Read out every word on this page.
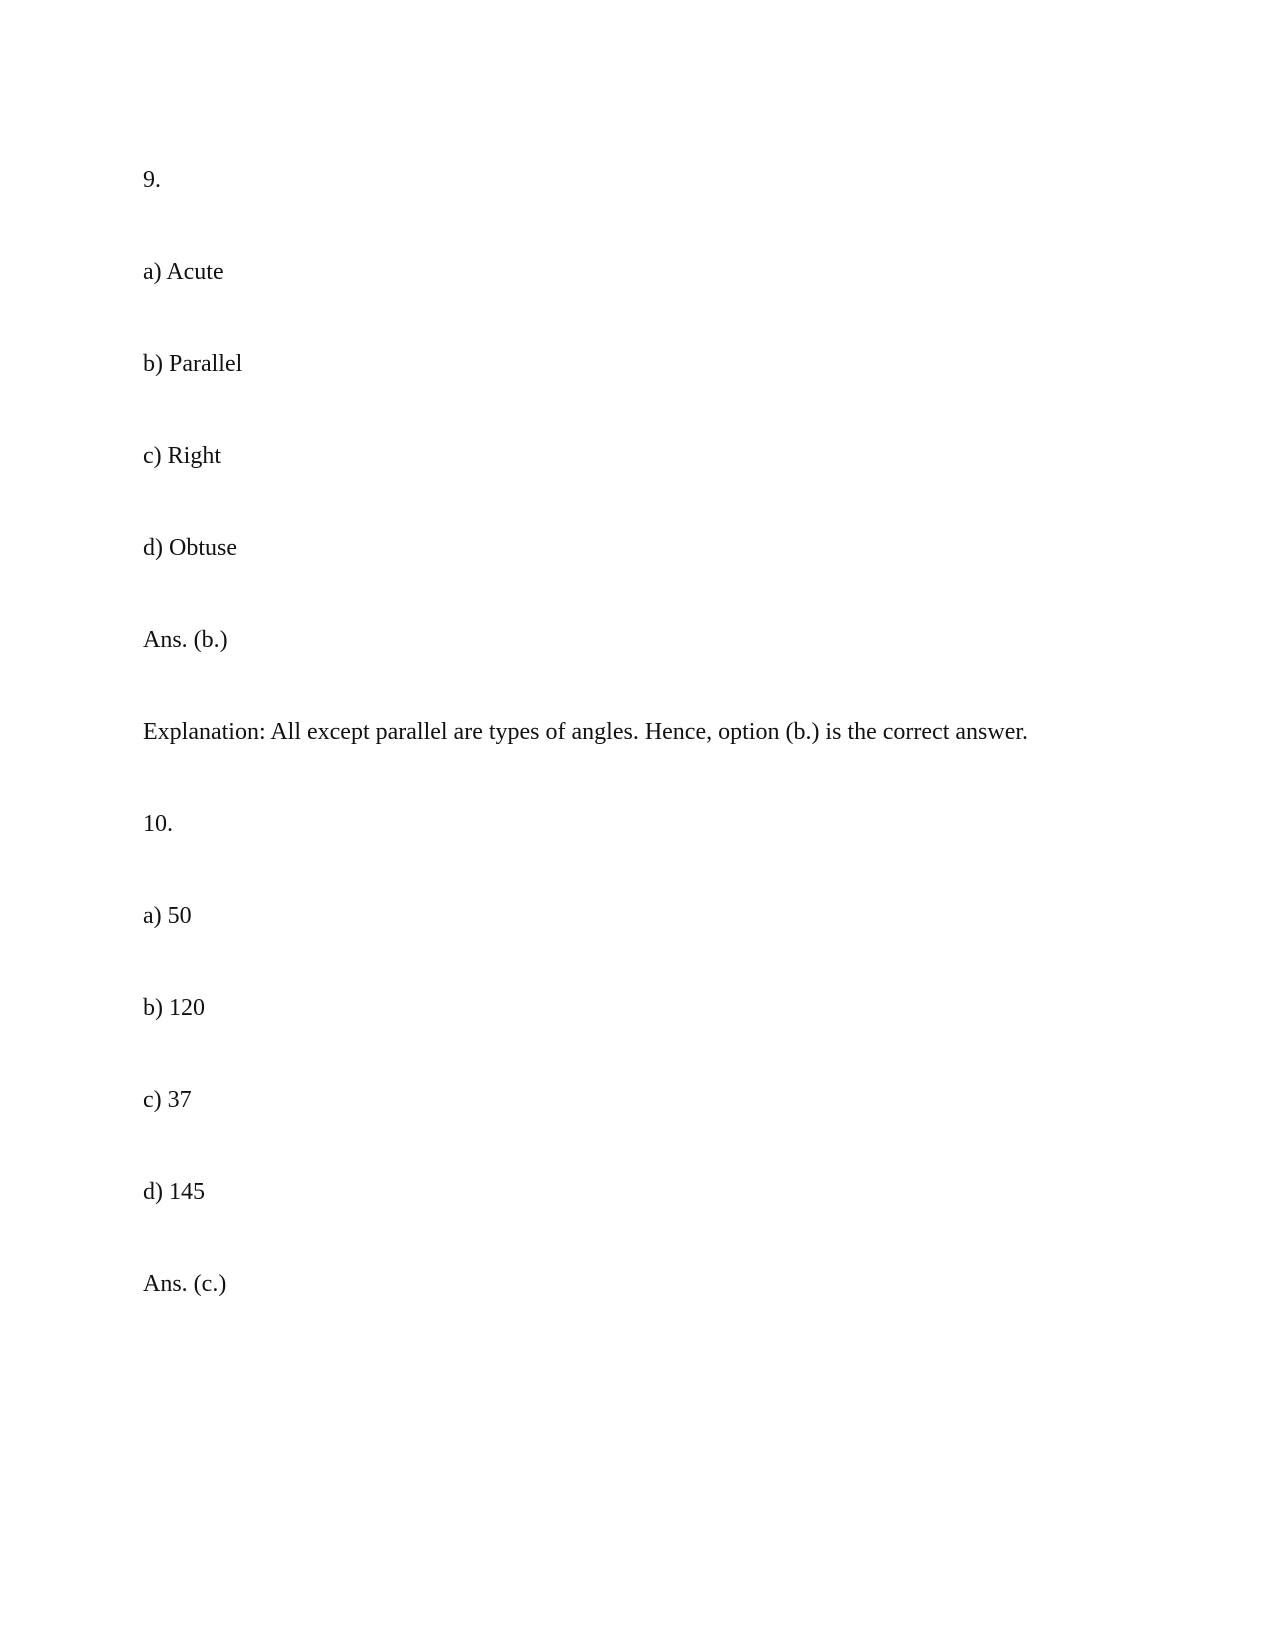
9.
a) Acute
b) Parallel
c) Right
d) Obtuse
Ans. (b.)
Explanation: All except parallel are types of angles. Hence, option (b.) is the correct answer.
10.
a) 50
b) 120
c) 37
d) 145
Ans. (c.)
